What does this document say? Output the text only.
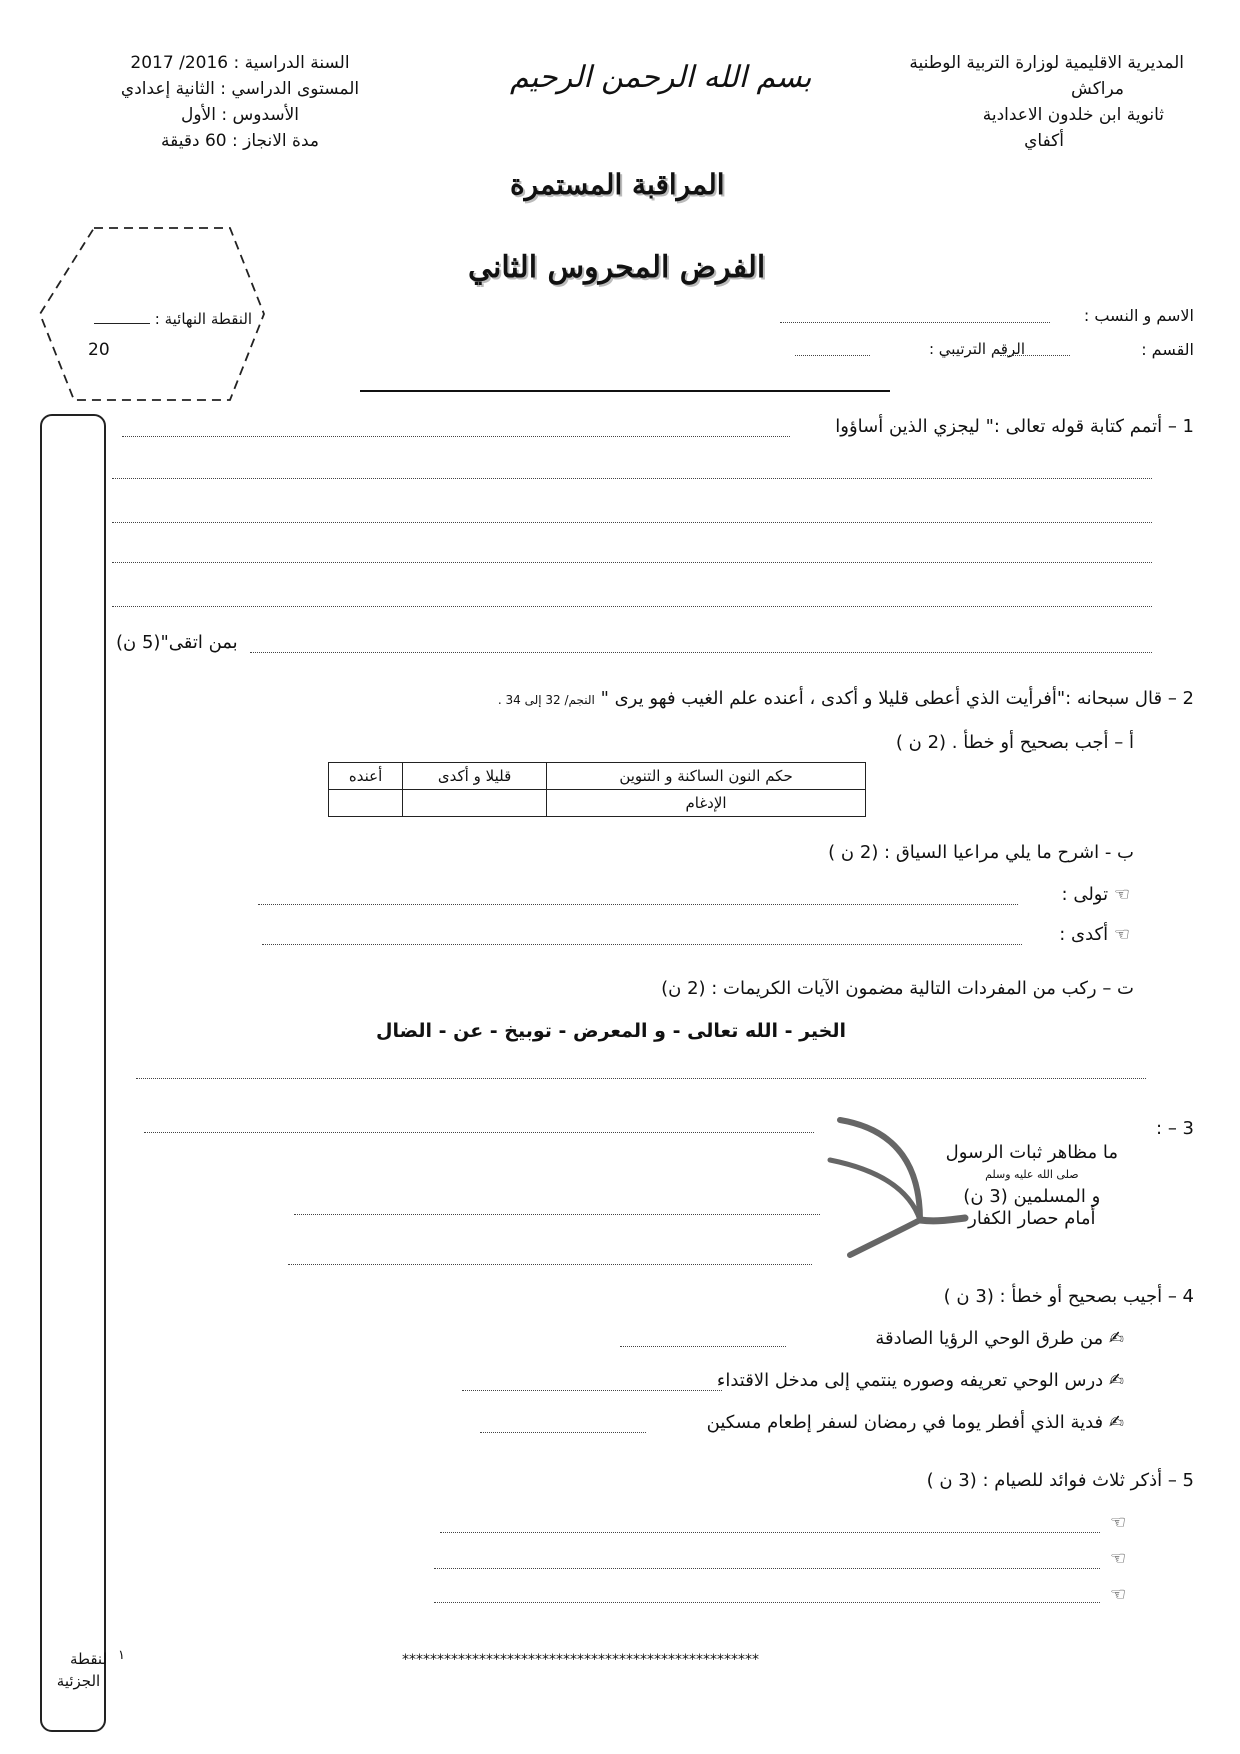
المديرية الاقليمية لوزارة التربية الوطنية
مراكش
ثانوية ابن خلدون الاعدادية
أكفاي
السنة الدراسية : 2016/ 2017
المستوى الدراسي : الثانية إعدادي
الأسدوس : الأول
مدة الانجاز : 60 دقيقة
بسم الله الرحمن الرحيم
المراقبة المستمرة
الفرض المحروس الثاني
النقطة النهائية :
20
الاسم و النسب :
القسم :
الرقم الترتيبي :
لنقطة
الجزئية
١
1 – أتمم كتابة قوله تعالى :" ليجزي الذين أساؤوا
بمن اتقى"(5 ن)
2 – قال سبحانه :"أفرأيت الذي أعطى قليلا و أكدى ، أعنده علم الغيب فهو يرى " النجم/ 32 إلى 34 .
أ – أجب بصحيح أو خطأ . (2 ن )
حكم النون الساكنة و التنوين	قليلا و أكدى	أعنده
الإدغام		
ب - اشرح ما يلي مراعيا السياق : (2 ن )
☜ تولى :
☜ أكدى :
ت – ركب من المفردات التالية مضمون الآيات الكريمات : (2 ن)
الخير - الله تعالى - و المعرض - توبيخ - عن - الضال
3 – :
ما مظاهر ثبات الرسول
صلى الله عليه وسلم
و المسلمين (3 ن)
أمام حصار الكفار
4 – أجيب بصحيح أو خطأ : (3 ن )
✍ من طرق الوحي الرؤيا الصادقة
✍ درس الوحي تعريفه وصوره ينتمي إلى مدخل الاقتداء
✍ فدية الذي أفطر يوما في رمضان لسفر إطعام مسكين
5 – أذكر ثلاث فوائد للصيام : (3 ن )
☜
☜
☜
***************************************************
